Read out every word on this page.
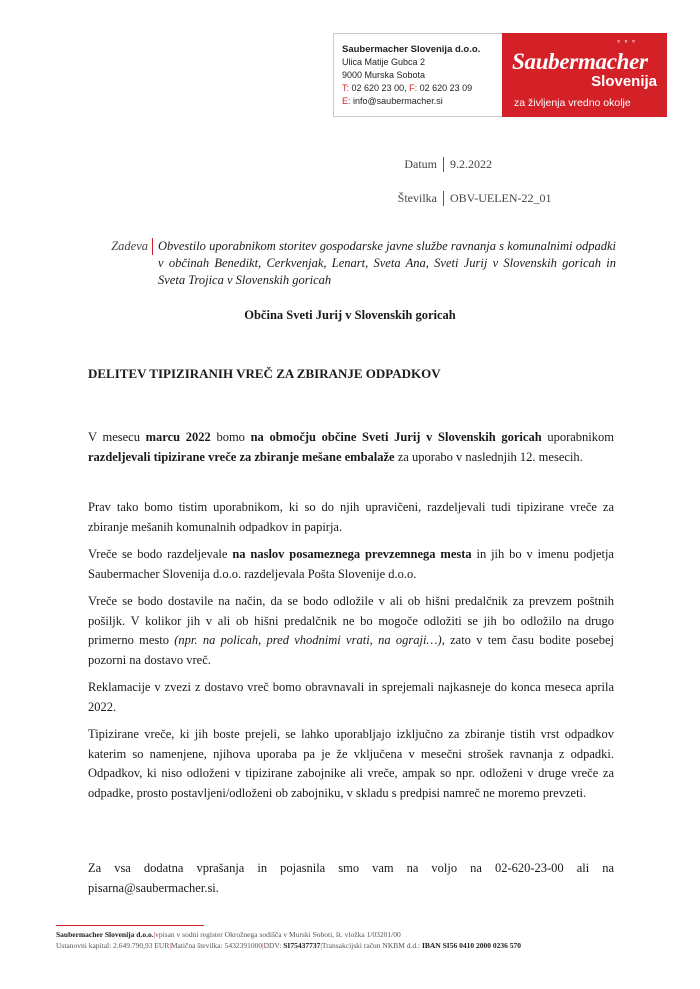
Saubermacher Slovenija d.o.o.
Ulica Matije Gubca 2
9000 Murska Sobota
T: 02 620 23 00, F: 02 620 23 09
E: info@saubermacher.si
° ° °
Saubermacher
Slovenija
za življenja vredno okolje
Datum 9.2.2022
Številka OBV-UELEN-22_01
Zadeva Obvestilo uporabnikom storitev gospodarske javne službe ravnanja s komunalnimi odpadki v občinah Benedikt, Cerkvenjak, Lenart, Sveta Ana, Sveti Jurij v Slovenskih goricah in Sveta Trojica v Slovenskih goricah
Občina Sveti Jurij v Slovenskih goricah
DELITEV TIPIZIRANIH VREČ ZA ZBIRANJE ODPADKOV
V mesecu marcu 2022 bomo na območju občine Sveti Jurij v Slovenskih goricah uporabnikom razdeljevali tipizirane vreče za zbiranje mešane embalaže za uporabo v naslednjih 12. mesecih.
Prav tako bomo tistim uporabnikom, ki so do njih upravičeni, razdeljevali tudi tipizirane vreče za zbiranje mešanih komunalnih odpadkov in papirja.
Vreče se bodo razdeljevale na naslov posameznega prevzemnega mesta in jih bo v imenu podjetja Saubermacher Slovenija d.o.o. razdeljevala Pošta Slovenije d.o.o.
Vreče se bodo dostavile na način, da se bodo odložile v ali ob hišni predalčnik za prevzem poštnih pošiljk. V kolikor jih v ali ob hišni predalčnik ne bo mogoče odložiti se jih bo odložilo na drugo primerno mesto (npr. na policah, pred vhodnimi vrati, na ograji…), zato v tem času bodite posebej pozorni na dostavo vreč.
Reklamacije v zvezi z dostavo vreč bomo obravnavali in sprejemali najkasneje do konca meseca aprila 2022.
Tipizirane vreče, ki jih boste prejeli, se lahko uporabljajo izključno za zbiranje tistih vrst odpadkov katerim so namenjene, njihova uporaba pa je že vključena v mesečni strošek ravnanja z odpadki. Odpadkov, ki niso odloženi v tipizirane zabojnike ali vreče, ampak so npr. odloženi v druge vreče za odpadke, prosto postavljeni/odloženi ob zabojniku, v skladu s predpisi namreč ne moremo prevzeti.
Za vsa dodatna vprašanja in pojasnila smo vam na voljo na 02-620-23-00 ali na pisarna@saubermacher.si.
Saubermacher Slovenija d.o.o.|vpisan v sodni register Okrožnega sodišča v Murski Soboti, št. vložka 1/03201/00
Ustanovni kapital: 2.649.790,93 EUR|Matična številka: 5432391000|DDV: SI75437737|Transakcijski račun NKBM d.d.: IBAN SI56 0410 2000 0236 570
